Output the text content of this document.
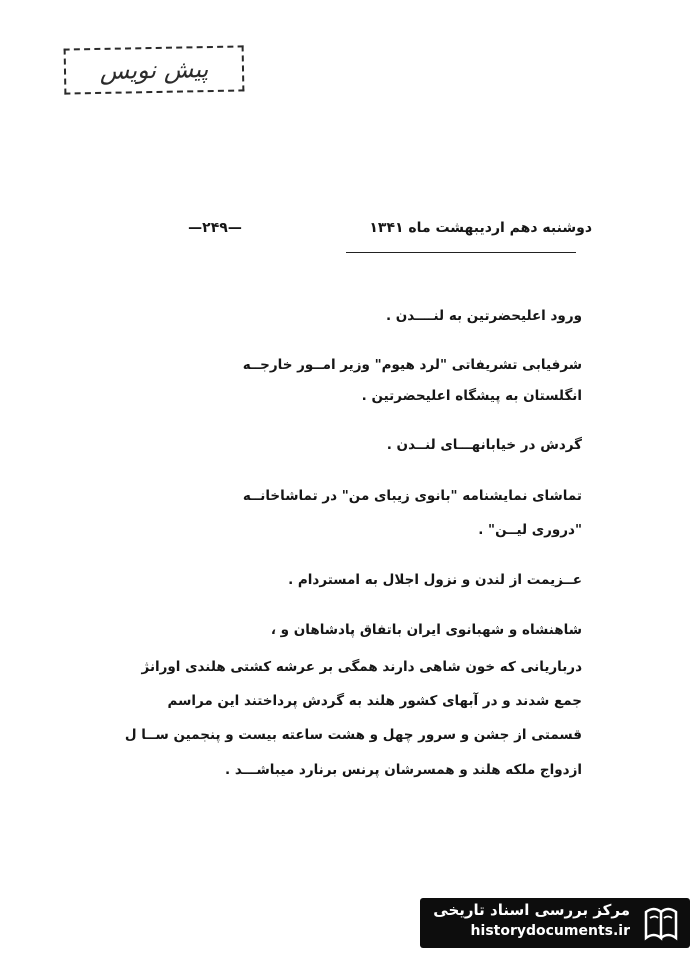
پیش نویس
دوشنبه دهم اردیبهشت ماه ۱۳۴۱
—۲۴۹—
ورود اعلیحضرتین به لنــــدن .
شرفیابی تشریفاتی "لرد هیوم" وزیر امــور خارجــه
انگلستان به پیشگاه اعلیحضرتین .
گردش در خیابانهـــای لنــدن .
تماشای نمایشنامه "بانوی زیبای من" در تماشاخانــه
"دروری لیــن" .
عــزیمت از لندن و نزول اجلال به امستردام .
شاهنشاه و شهبانوی ایران باتفاق پادشاهان و ،
درباریانی که خون شاهی دارند همگی بر عرشه کشتی هلندی اورانژ
جمع شدند و در آبهای کشور هلند به گردش پرداختند این مراسم
قسمتی از جشن و سرور چهل و هشت ساعته بیست و پنجمین ســا ل
ازدواج ملکه هلند و همسرشان پرنس برنارد میباشـــد .
مرکز بررسی اسناد تاریخی
historydocuments.ir
